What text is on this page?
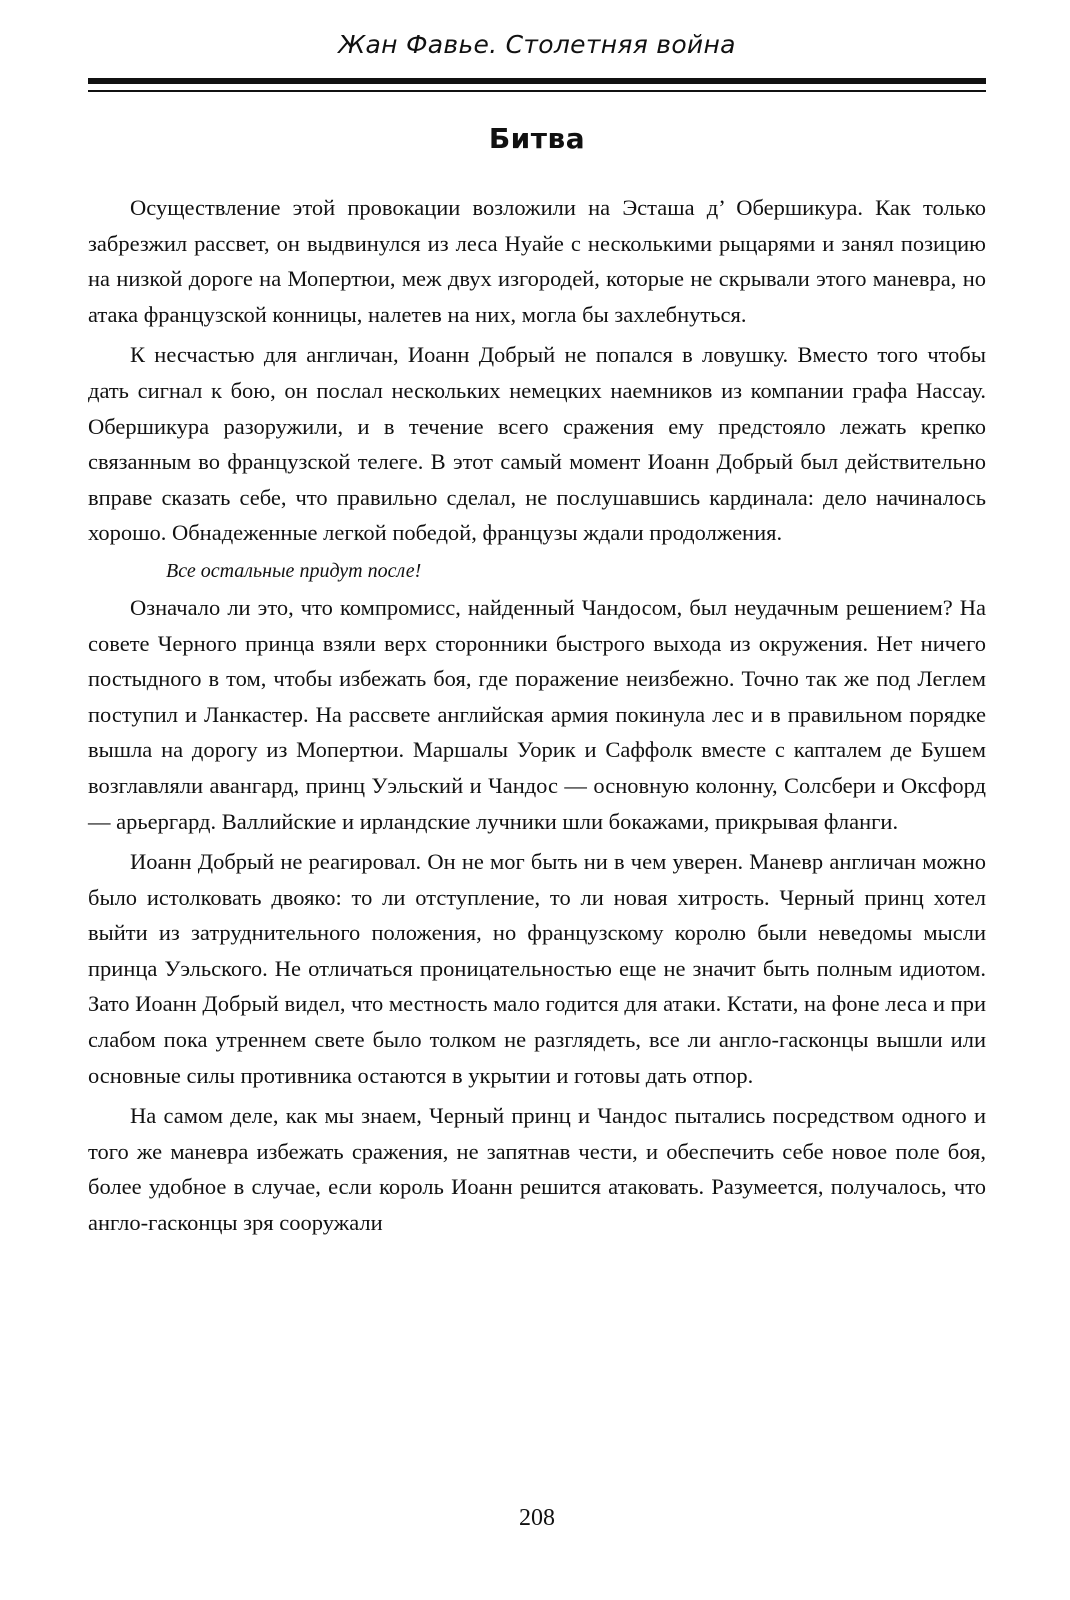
Жан Фавье. Столетняя война
Битва

Осуществление этой провокации возложили на Эсташа д’ Обершикура. Как только забрезжил рассвет, он выдвинулся из леса Нуайе с несколькими рыцарями и занял позицию на низкой дороге на Мопертюи, меж двух изгородей, которые не скрывали этого маневра, но атака французской конницы, налетев на них, могла бы захлебнуться.

К несчастью для англичан, Иоанн Добрый не попался в ловушку. Вместо того чтобы дать сигнал к бою, он послал нескольких немецких наемников из компании графа Нассау. Обершикура разоружили, и в течение всего сражения ему предстояло лежать крепко связанным во французской телеге. В этот самый момент Иоанн Добрый был действительно вправе сказать себе, что правильно сделал, не послушавшись кардинала: дело начиналось хорошо. Обнадеженные легкой победой, французы ждали продолжения.

Все остальные придут после!

Означало ли это, что компромисс, найденный Чандосом, был неудачным решением? На совете Черного принца взяли верх сторонники быстрого выхода из окружения. Нет ничего постыдного в том, чтобы избежать боя, где поражение неизбежно. Точно так же под Леглем поступил и Ланкастер. На рассвете английская армия покинула лес и в правильном порядке вышла на дорогу из Мопертюи. Маршалы Уорик и Саффолк вместе с капталем де Бушем возглавляли авангард, принц Уэльский и Чандос — основную колонну, Солсбери и Оксфорд — арьергард. Валлийские и ирландские лучники шли бокажами, прикрывая фланги.

Иоанн Добрый не реагировал. Он не мог быть ни в чем уверен. Маневр англичан можно было истолковать двояко: то ли отступление, то ли новая хитрость. Черный принц хотел выйти из затруднительного положения, но французскому королю были неведомы мысли принца Уэльского. Не отличаться проницательностью еще не значит быть полным идиотом. Зато Иоанн Добрый видел, что местность мало годится для атаки. Кстати, на фоне леса и при слабом пока утреннем свете было толком не разглядеть, все ли англо-гасконцы вышли или основные силы противника остаются в укрытии и готовы дать отпор.

На самом деле, как мы знаем, Черный принц и Чандос пытались посредством одного и того же маневра избежать сражения, не запятнав чести, и обеспечить себе новое поле боя, более удобное в случае, если король Иоанн решится атаковать. Разумеется, получалось, что англо-гасконцы зря сооружали

208
